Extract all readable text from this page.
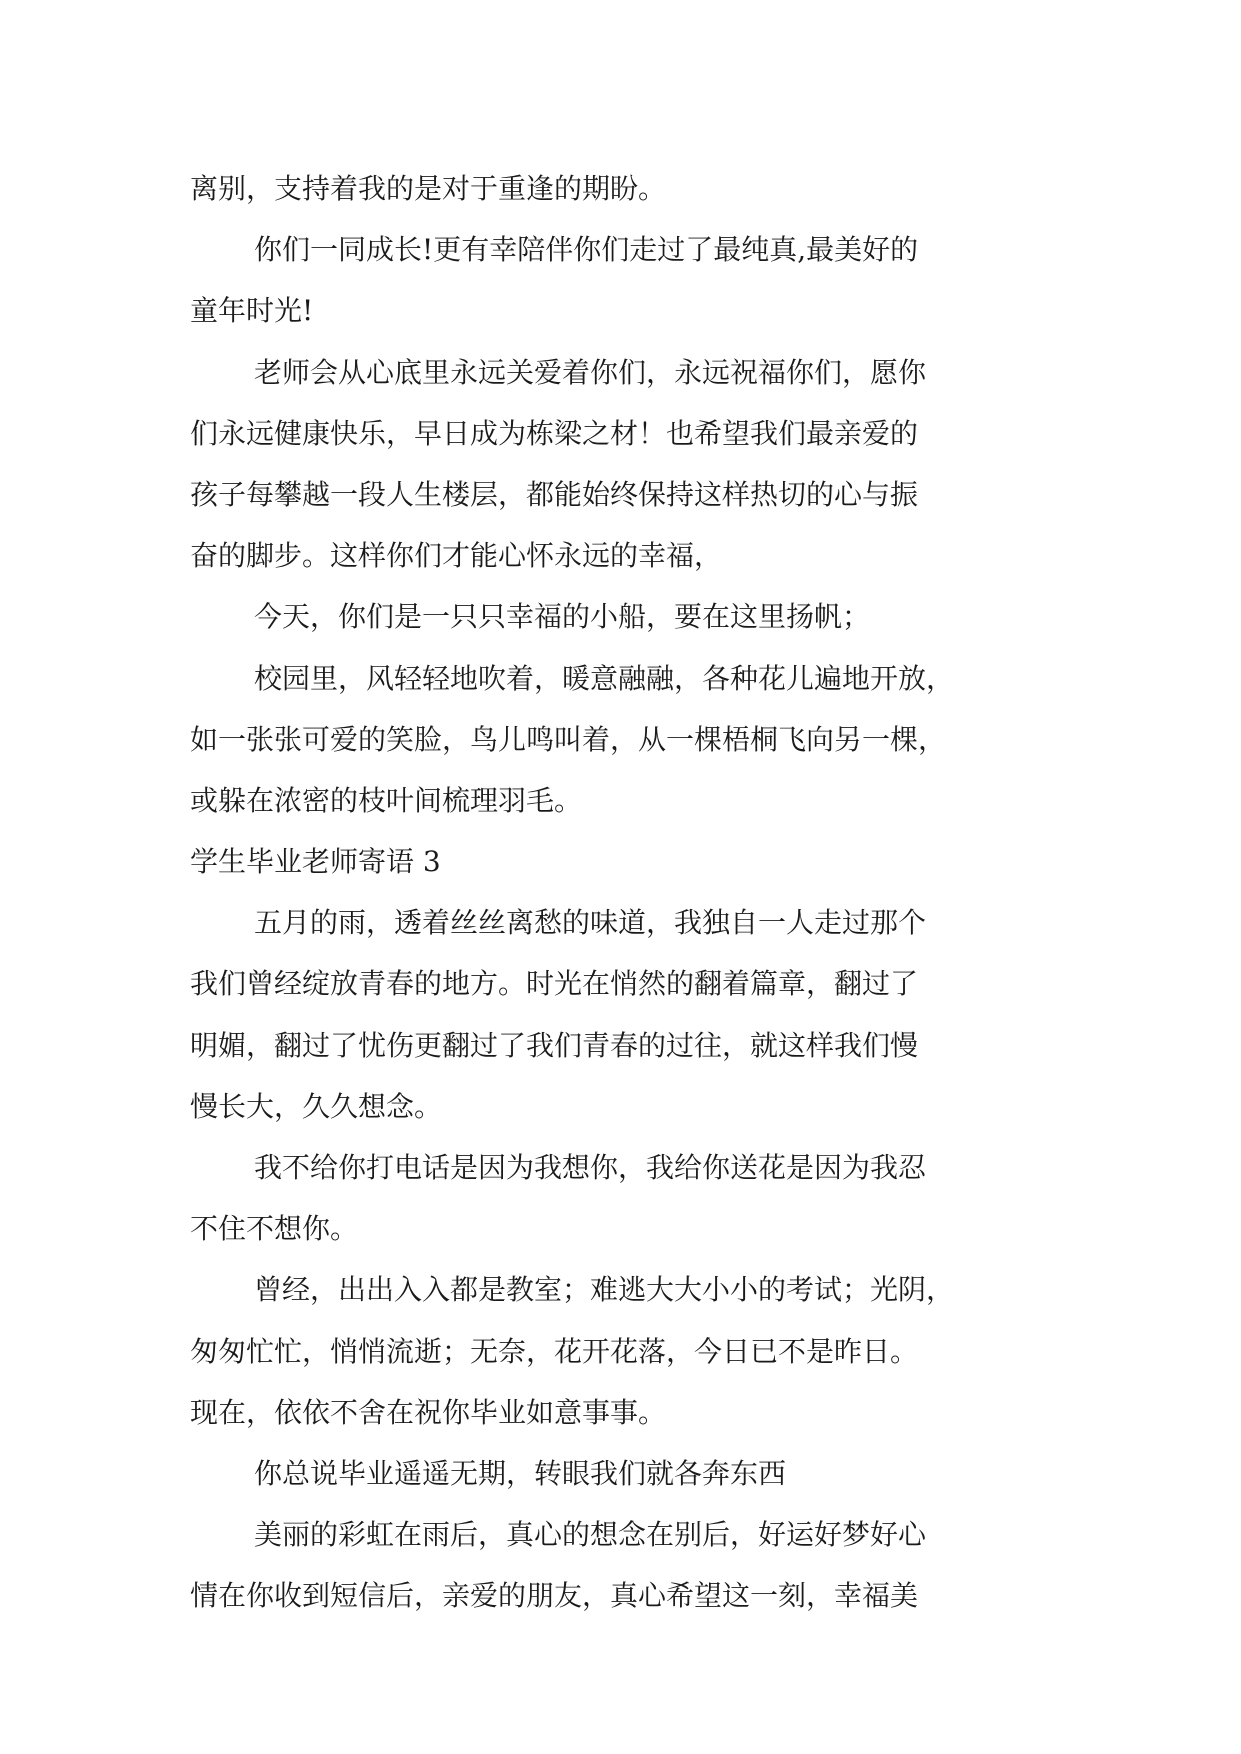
离别，支持着我的是对于重逢的期盼。
你们一同成长!更有幸陪伴你们走过了最纯真,最美好的
童年时光!
老师会从心底里永远关爱着你们，永远祝福你们，愿你
们永远健康快乐，早日成为栋梁之材！也希望我们最亲爱的
孩子每攀越一段人生楼层，都能始终保持这样热切的心与振
奋的脚步。这样你们才能心怀永远的幸福，
今天，你们是一只只幸福的小船，要在这里扬帆；
校园里，风轻轻地吹着，暖意融融，各种花儿遍地开放，
如一张张可爱的笑脸，鸟儿鸣叫着，从一棵梧桐飞向另一棵，
或躲在浓密的枝叶间梳理羽毛。
学生毕业老师寄语 3
五月的雨，透着丝丝离愁的味道，我独自一人走过那个
我们曾经绽放青春的地方。时光在悄然的翻着篇章，翻过了
明媚，翻过了忧伤更翻过了我们青春的过往，就这样我们慢
慢长大，久久想念。
我不给你打电话是因为我想你，我给你送花是因为我忍
不住不想你。
曾经，出出入入都是教室；难逃大大小小的考试；光阴，
匆匆忙忙，悄悄流逝；无奈，花开花落，今日已不是昨日。
现在，依依不舍在祝你毕业如意事事。
你总说毕业遥遥无期，转眼我们就各奔东西
美丽的彩虹在雨后，真心的想念在别后，好运好梦好心
情在你收到短信后，亲爱的朋友，真心希望这一刻，幸福美
